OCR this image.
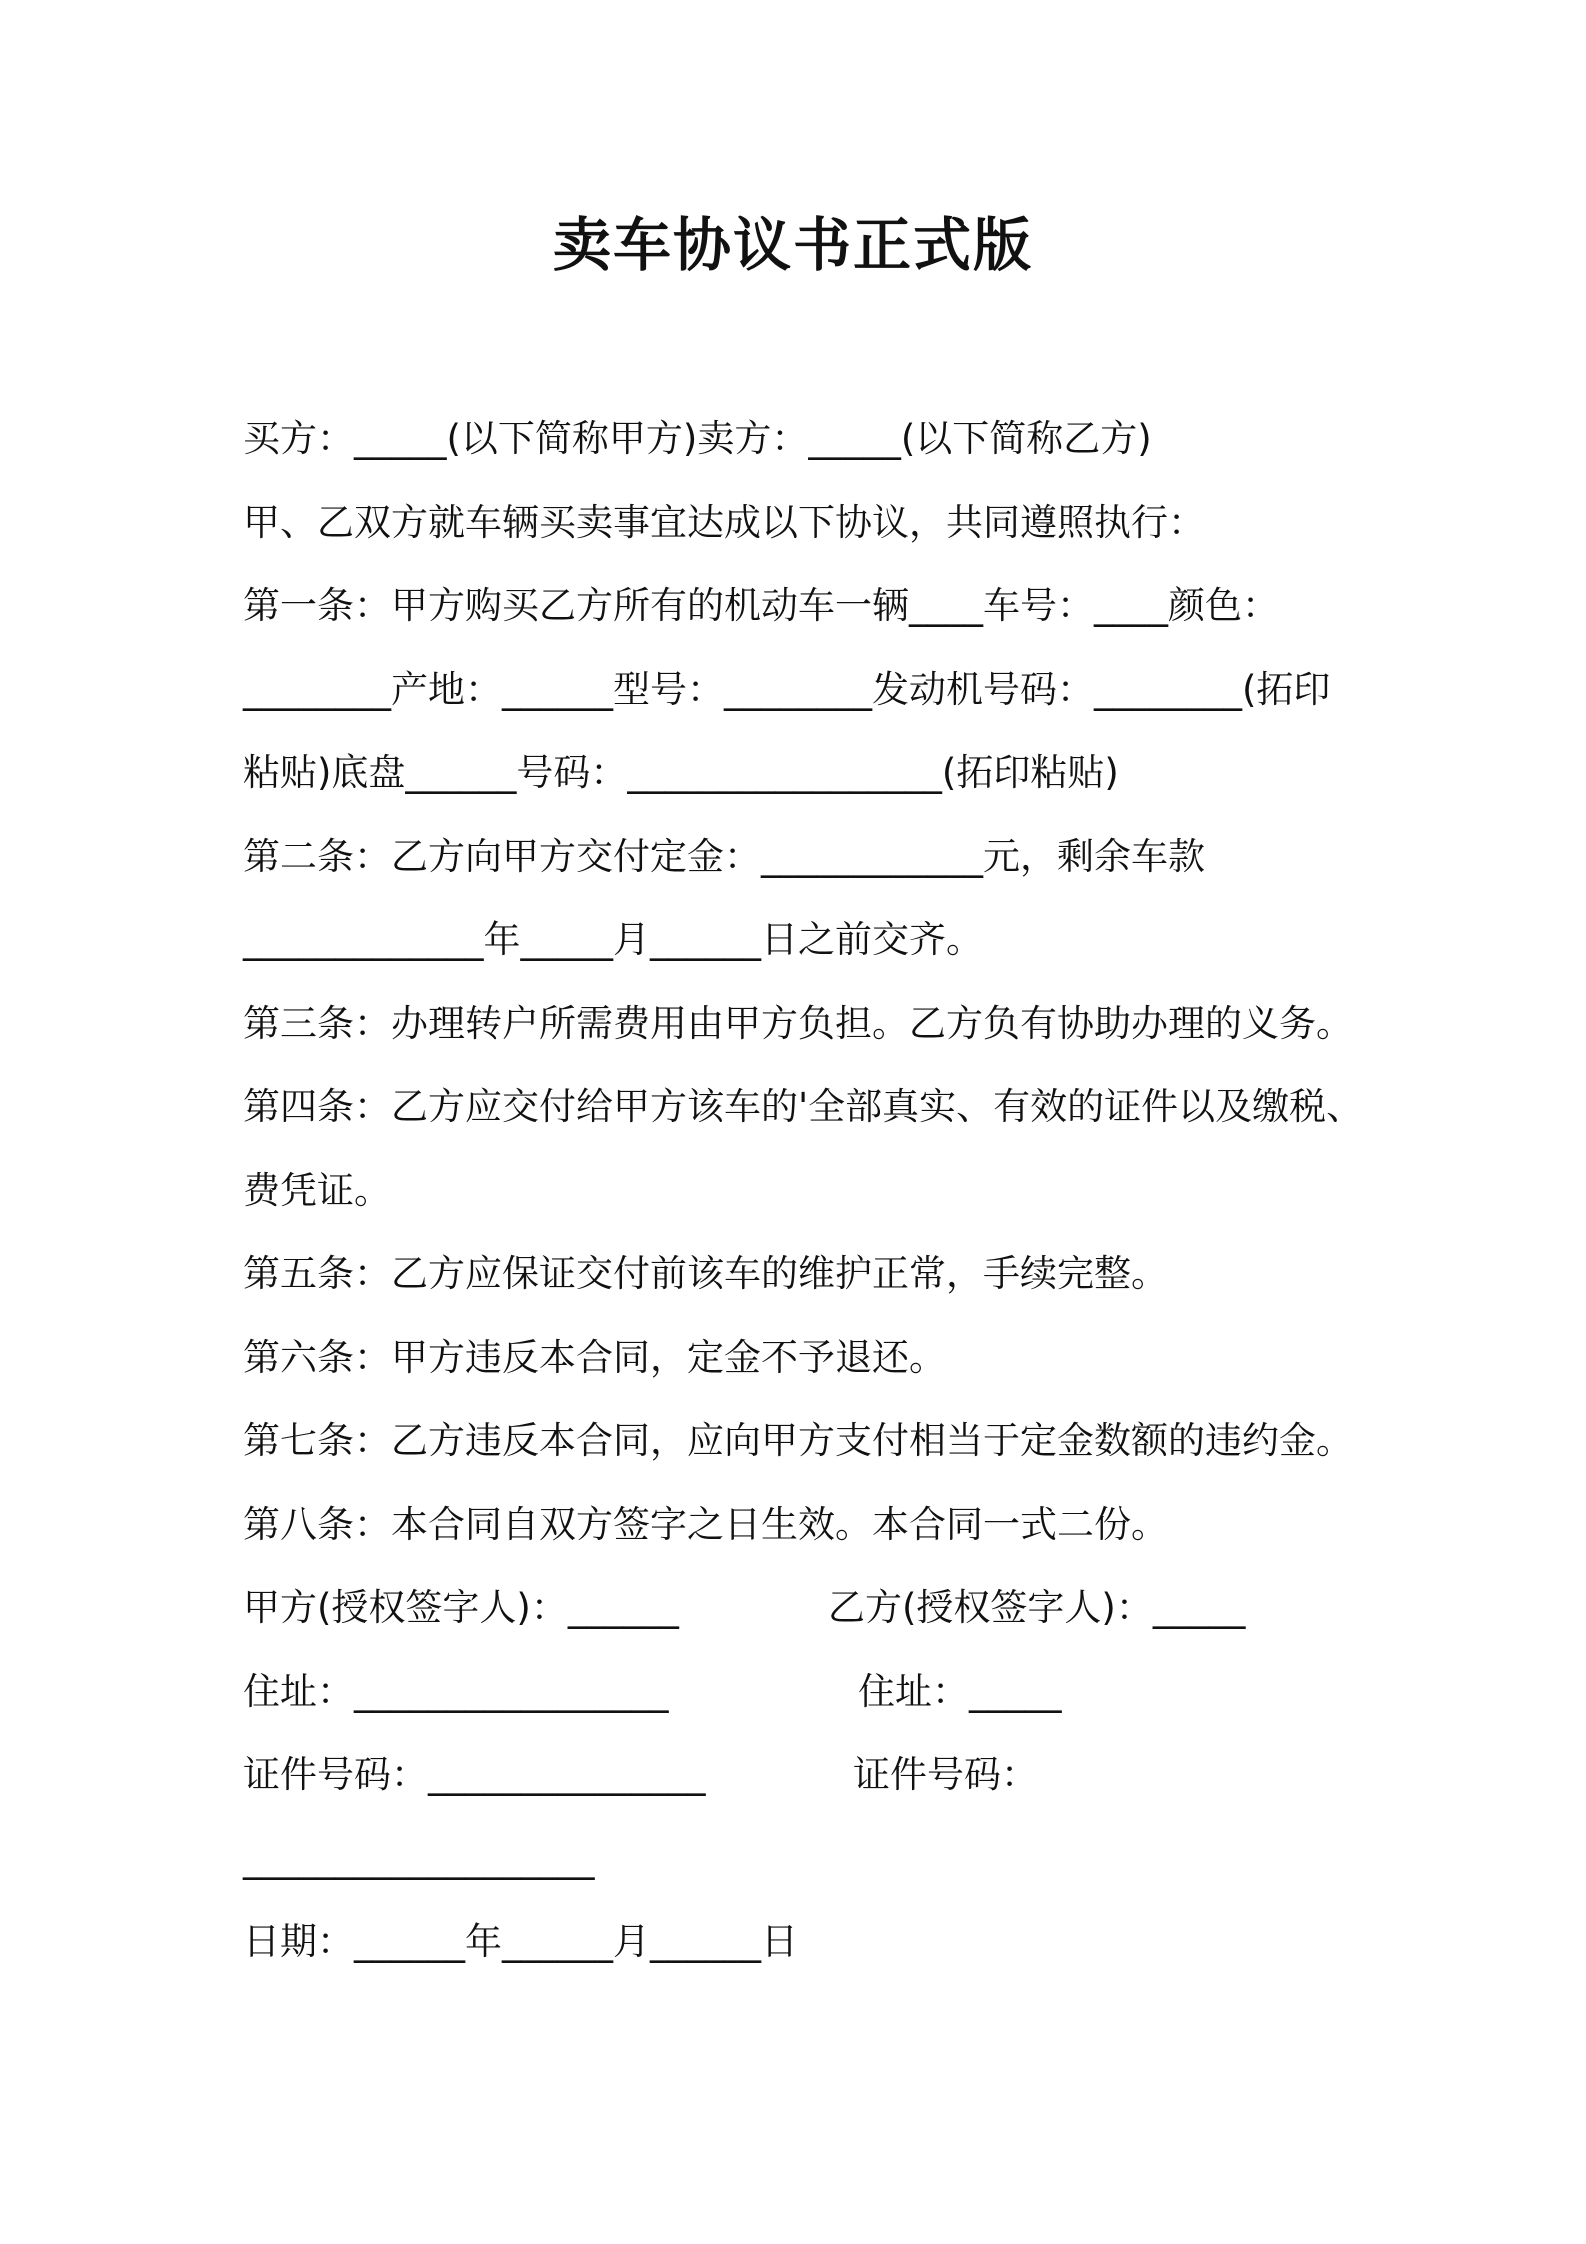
卖车协议书正式版

买方：_____(以下简称甲方)卖方：_____(以下简称乙方)

甲、乙双方就车辆买卖事宜达成以下协议，共同遵照执行：

第一条：甲方购买乙方所有的机动车一辆____车号：____颜色：

________产地：______型号：________发动机号码：________(拓印

粘贴)底盘______号码：_________________(拓印粘贴)

第二条：乙方向甲方交付定金：____________元，剩余车款

_____________年_____月______日之前交齐。

第三条：办理转户所需费用由甲方负担。乙方负有协助办理的义务。

第四条：乙方应交付给甲方该车的'全部真实、有效的证件以及缴税、

费凭证。

第五条：乙方应保证交付前该车的维护正常，手续完整。

第六条：甲方违反本合同，定金不予退还。

第七条：乙方违反本合同，应向甲方支付相当于定金数额的违约金。

第八条：本合同自双方签字之日生效。本合同一式二份。

甲方(授权签字人)：______	乙方(授权签字人)：_____
住址：_________________	住址：_____
证件号码：_______________	证件号码：

___________________

日期：______年______月______日
